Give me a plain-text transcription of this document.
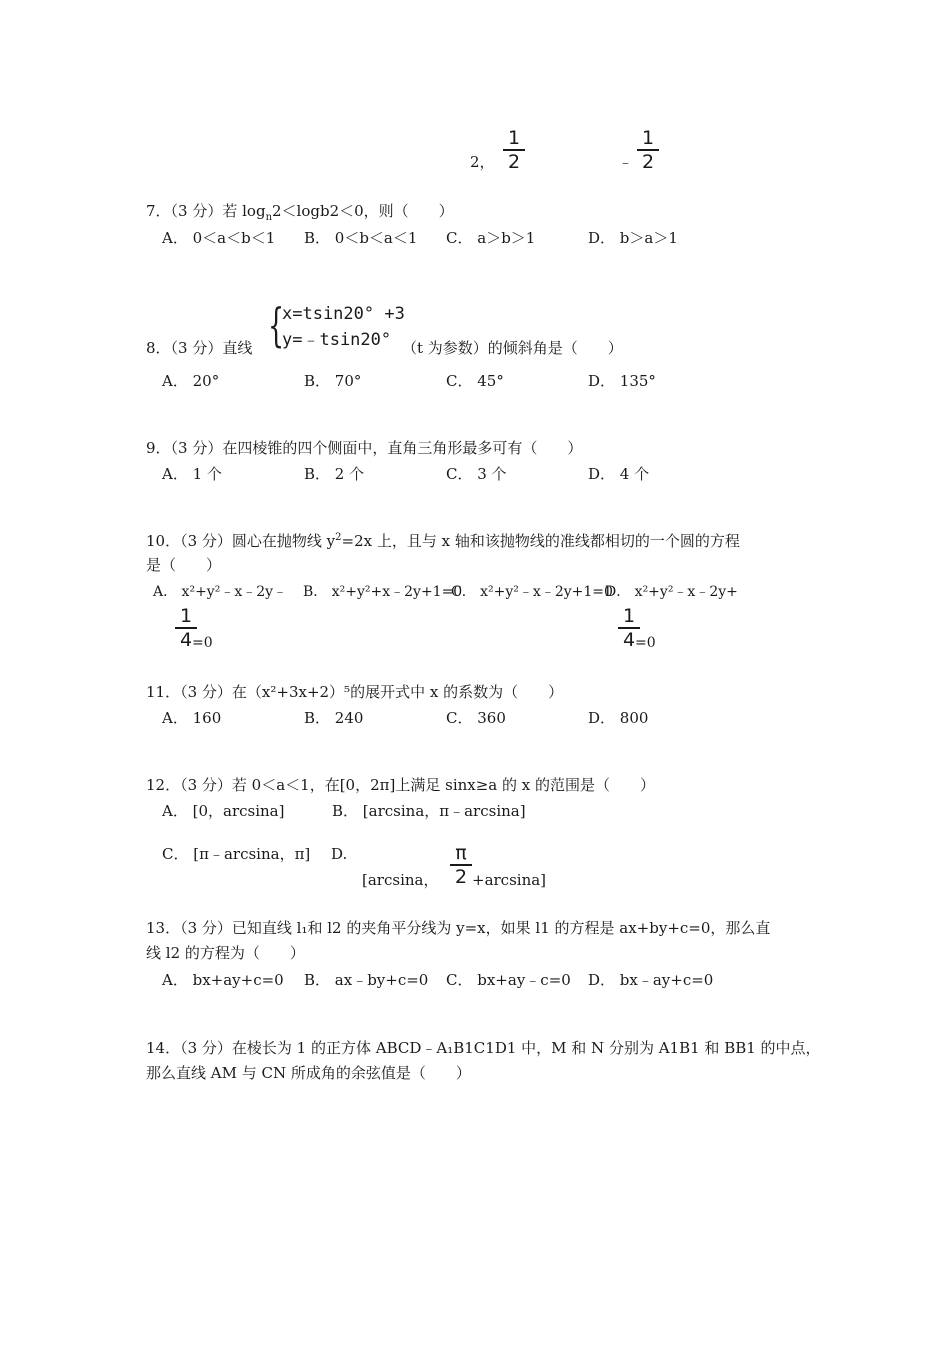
2，
1
2	﹣
1
2
7．（3 分）若 $\log_n2<\log b2<0$，则（　　）
A． 0＜a＜b＜1 B． 0＜b＜a＜1 C． a＞b＞1	D． b＞a＞1
{
x=tsin20° +3
y=﹣tsin20°
8．（3 分）直线	（t 为参数）的倾斜角是（　　）
A． 20°	B． 70°	C． 45°	D． 135°
9．（3 分）在四棱锥的四个侧面中，直角三角形最多可有（　　）
A． 1 个	B． 2 个	C． 3 个	D． 4 个
10．（3 分）圆心在抛物线 $y^2=2x$ 上，且与 x 轴和该抛物线的准线都相切的一个圆的方程
是（　　）
A． x²+y²﹣x﹣2y﹣ B． x²+y²+x﹣2y+1=0
C． x²+y²﹣x﹣2y+1=0
D． x²+y²﹣x﹣2y+
1
4 =0
1
4 =0
11．（3 分）在（x²+3x+2）⁵的展开式中 x 的系数为（　　）
A． 160	B． 240	C． 360	D． 800
12．（3 分）若 0＜a＜1，在[0，2π]上满足 sinx≥a 的 x 的范围是（　　）
A． [0，arcsina]	B． [arcsina，π﹣arcsina]
C． [π﹣arcsina，π] D.
[arcsina，
π
2 +arcsina]
13．（3 分）已知直线 l₁和 l2 的夹角平分线为 y=x，如果 l1 的方程是 ax+by+c=0，那么直
线 l2 的方程为（　　）
A． bx+ay+c=0 B． ax﹣by+c=0 C． bx+ay﹣c=0 D． bx﹣ay+c=0
14．（3 分）在棱长为 1 的正方体 ABCD﹣A₁B1C1D1 中，M 和 N 分别为 A1B1 和 BB1 的中点，
那么直线 AM 与 CN 所成角的余弦值是（　　）
